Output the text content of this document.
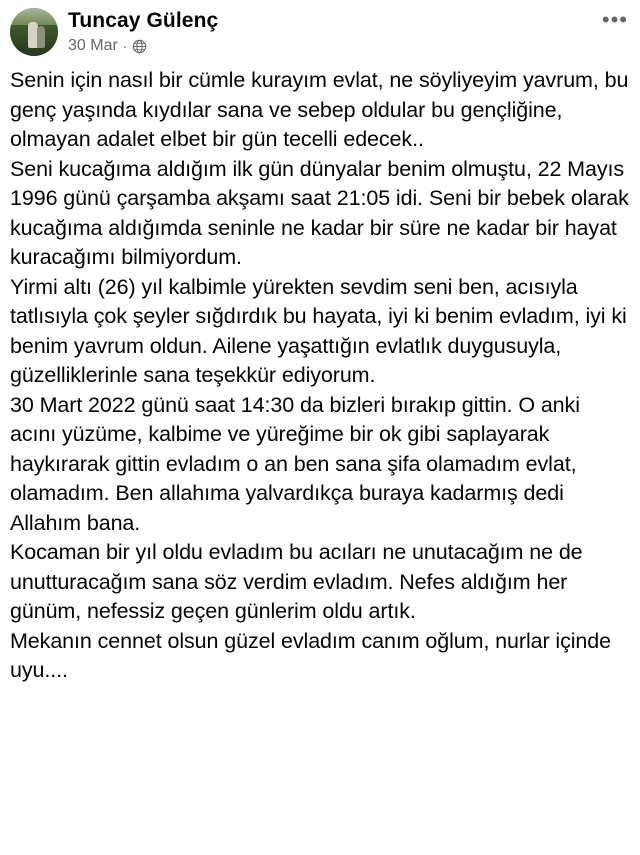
Tuncay Gülenç
30 Mar ·
•••

Senin için nasıl bir cümle kurayım evlat, ne söyliyeyim yavrum, bu genç yaşında kıydılar sana ve sebep oldular bu gençliğine, olmayan adalet elbet bir gün tecelli edecek..

Seni kucağıma aldığım ilk gün dünyalar benim olmuştu, 22 Mayıs 1996 günü çarşamba akşamı saat 21:05 idi. Seni bir bebek olarak kucağıma aldığımda seninle ne kadar bir süre ne kadar bir hayat kuracağımı bilmiyordum.

Yirmi altı (26) yıl kalbimle yürekten sevdim seni ben, acısıyla tatlısıyla çok şeyler sığdırdık bu hayata, iyi ki benim evladım, iyi ki benim yavrum oldun. Ailene yaşattığın evlatlık duygusuyla, güzelliklerinle sana teşekkür ediyorum.

30 Mart 2022 günü saat 14:30 da bizleri bırakıp gittin. O anki acını yüzüme, kalbime ve yüreğime bir ok gibi saplayarak haykırarak gittin evladım o an ben sana şifa olamadım evlat, olamadım. Ben allahıma yalvardıkça buraya kadarmış dedi Allahım bana.

Kocaman bir yıl oldu evladım bu acıları ne unutacağım ne de unutturacağım sana söz verdim evladım. Nefes aldığım her günüm, nefessiz geçen günlerim oldu artık.

Mekanın cennet olsun güzel evladım canım oğlum, nurlar içinde uyu....
